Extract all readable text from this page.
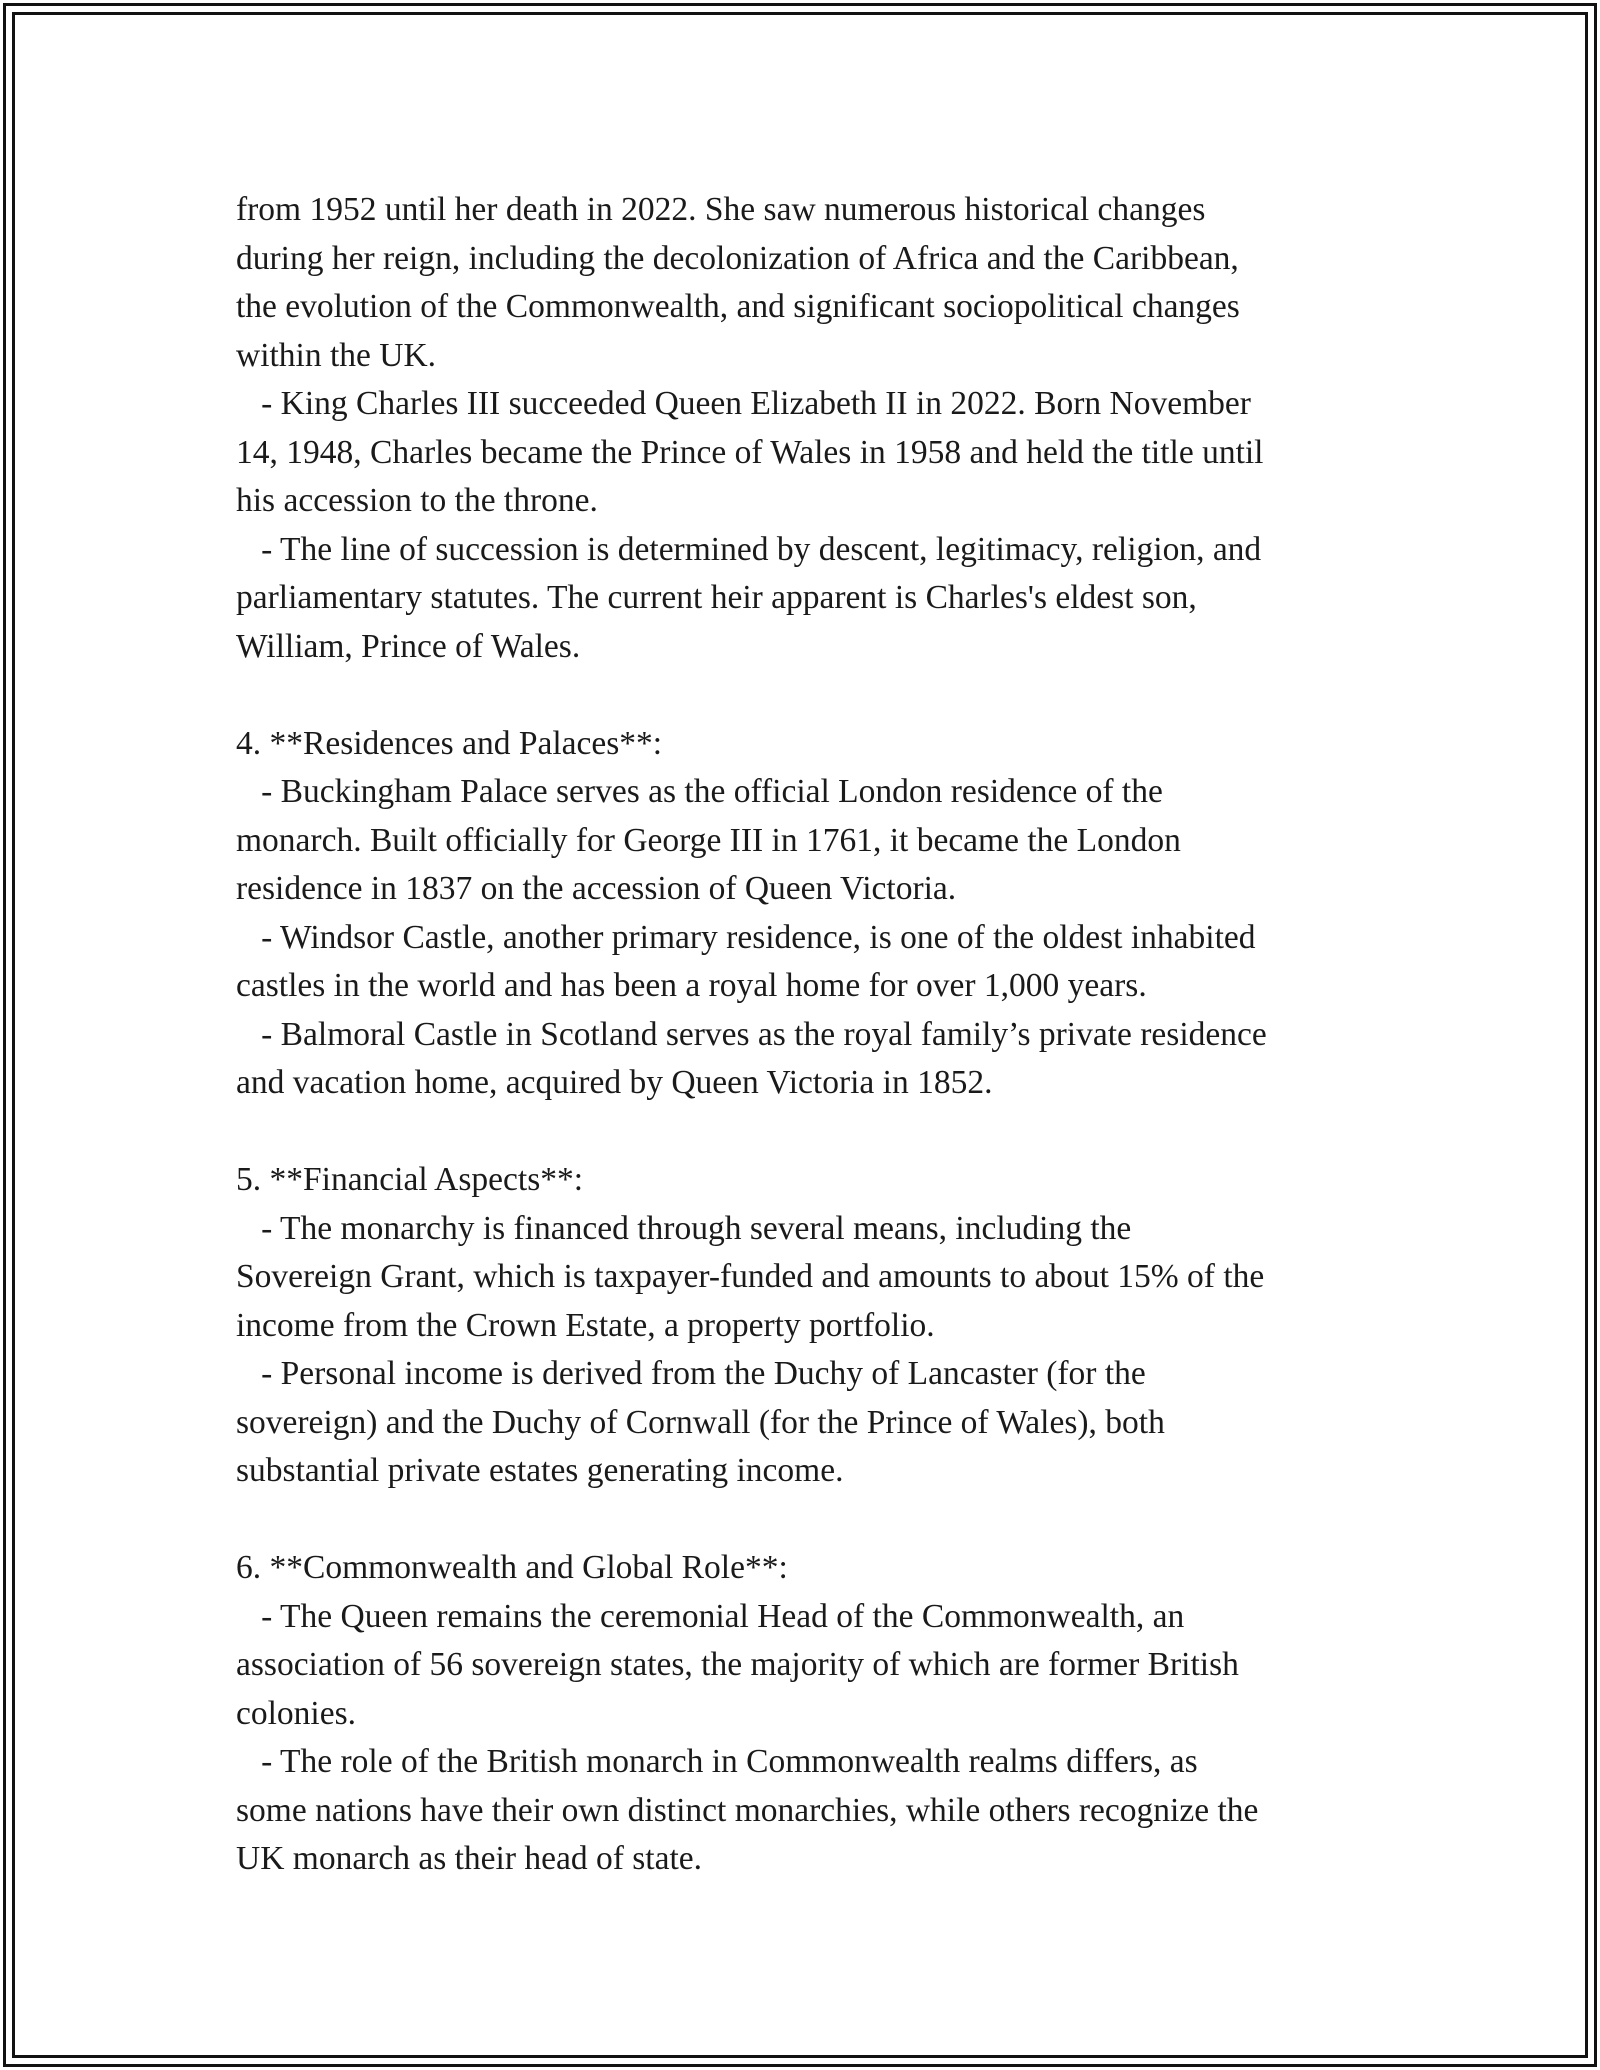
from 1952 until her death in 2022. She saw numerous historical changes
during her reign, including the decolonization of Africa and the Caribbean,
the evolution of the Commonwealth, and significant sociopolitical changes
within the UK.

- King Charles III succeeded Queen Elizabeth II in 2022. Born November
14, 1948, Charles became the Prince of Wales in 1958 and held the title until
his accession to the throne.

- The line of succession is determined by descent, legitimacy, religion, and
parliamentary statutes. The current heir apparent is Charles's eldest son,
William, Prince of Wales.

4. **Residences and Palaces**:

- Buckingham Palace serves as the official London residence of the
monarch. Built officially for George III in 1761, it became the London
residence in 1837 on the accession of Queen Victoria.

- Windsor Castle, another primary residence, is one of the oldest inhabited
castles in the world and has been a royal home for over 1,000 years.

- Balmoral Castle in Scotland serves as the royal family’s private residence
and vacation home, acquired by Queen Victoria in 1852.

5. **Financial Aspects**:

- The monarchy is financed through several means, including the
Sovereign Grant, which is taxpayer-funded and amounts to about 15% of the
income from the Crown Estate, a property portfolio.

- Personal income is derived from the Duchy of Lancaster (for the
sovereign) and the Duchy of Cornwall (for the Prince of Wales), both
substantial private estates generating income.

6. **Commonwealth and Global Role**:

- The Queen remains the ceremonial Head of the Commonwealth, an
association of 56 sovereign states, the majority of which are former British
colonies.

- The role of the British monarch in Commonwealth realms differs, as
some nations have their own distinct monarchies, while others recognize the
UK monarch as their head of state.
